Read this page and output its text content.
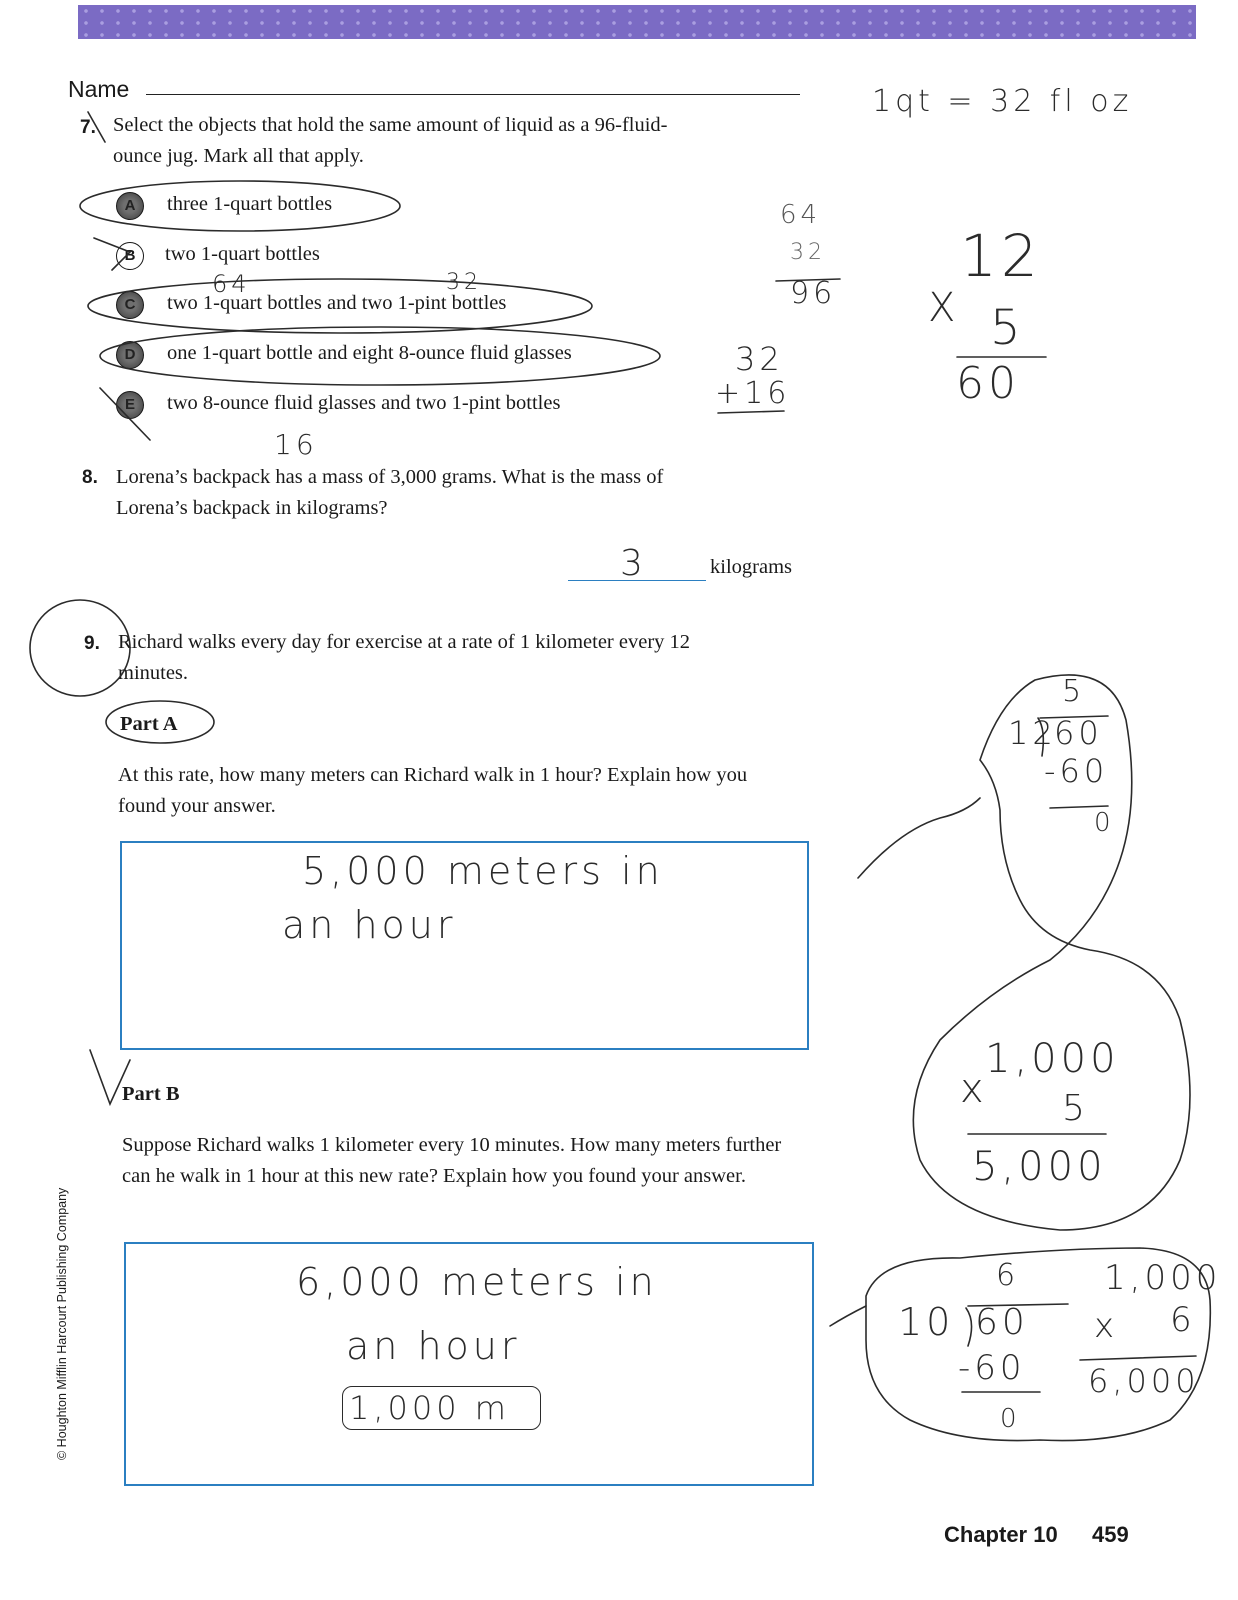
Name
7. Select the objects that hold the same amount of liquid as a 96-fluid-ounce jug. Mark all that apply.
A	three 1-quart bottles
B	two 1-quart bottles
C	two 1-quart bottles and two 1-pint bottles
D	one 1-quart bottle and eight 8-ounce fluid glasses
E	two 8-ounce fluid glasses and two 1-pint bottles
8. Lorena’s backpack has a mass of 3,000 grams. What is the mass of Lorena’s backpack in kilograms?
3	kilograms
9. Richard walks every day for exercise at a rate of 1 kilometer every 12 minutes.
Part A
At this rate, how many meters can Richard walk in 1 hour? Explain how you found your answer.
5,000 meters in
an hour
Part B
Suppose Richard walks 1 kilometer every 10 minutes. How many meters further can he walk in 1 hour at this new rate? Explain how you found your answer.
6,000 meters in
an hour
1,000 m
1qt = 32 fl oz
64
32
96
32
+16
16
64	32	12
X 5
60
5
12
60
-60
0
1,000
x 5
5,000
6
10 60
-60
0
1,000
x 6
6,000
© Houghton Mifflin Harcourt Publishing Company
Chapter 10 459
